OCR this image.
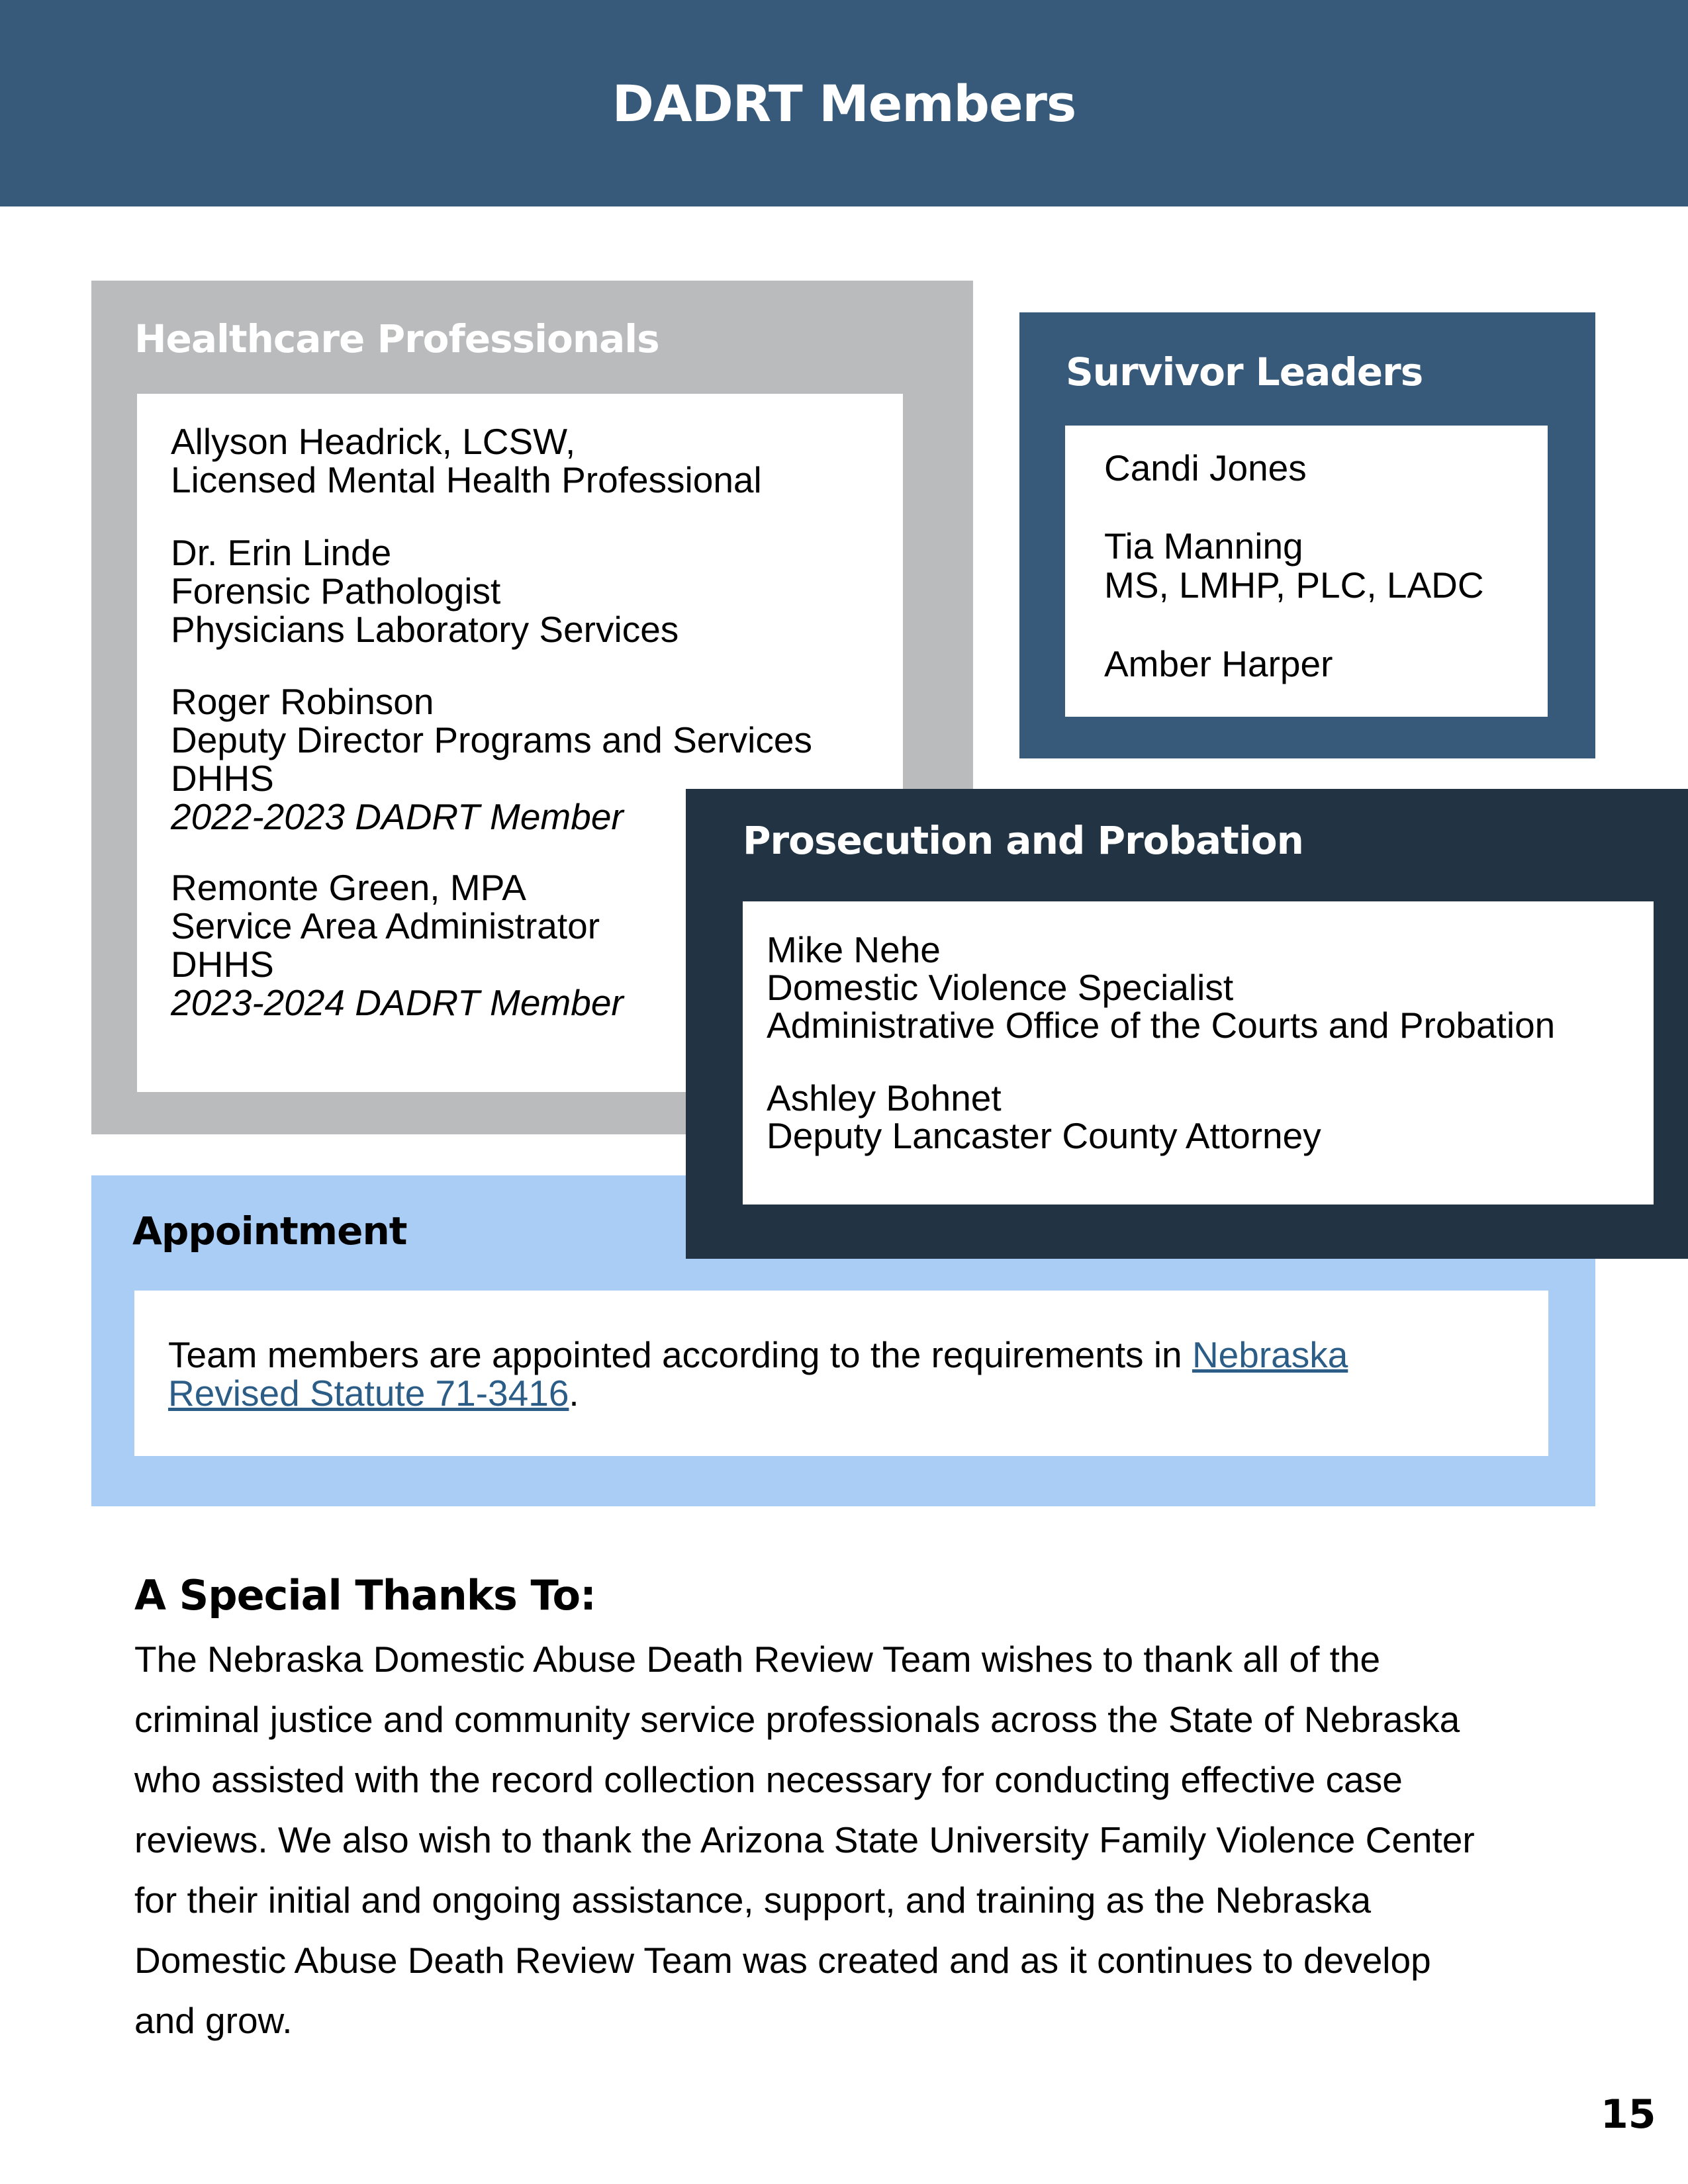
DADRT Members
Healthcare Professionals
Allyson Headrick, LCSW,
Licensed Mental Health Professional
Dr. Erin Linde
Forensic Pathologist
Physicians Laboratory Services
Roger Robinson
Deputy Director Programs and Services
DHHS
2022-2023 DADRT Member
Remonte Green, MPA
Service Area Administrator
DHHS
2023-2024 DADRT Member
Survivor Leaders
Candi Jones
Tia Manning
MS, LMHP, PLC, LADC
Amber Harper
Appointment
Team members are appointed according to the requirements in Nebraska
Revised Statute 71-3416.
Prosecution and Probation
Mike Nehe
Domestic Violence Specialist
Administrative Office of the Courts and Probation
Ashley Bohnet
Deputy Lancaster County Attorney
A Special Thanks To:
The Nebraska Domestic Abuse Death Review Team wishes to thank all of the
criminal justice and community service professionals across the State of Nebraska
who assisted with the record collection necessary for conducting effective case
reviews. We also wish to thank the Arizona State University Family Violence Center
for their initial and ongoing assistance, support, and training as the Nebraska
Domestic Abuse Death Review Team was created and as it continues to develop
and grow.
15
